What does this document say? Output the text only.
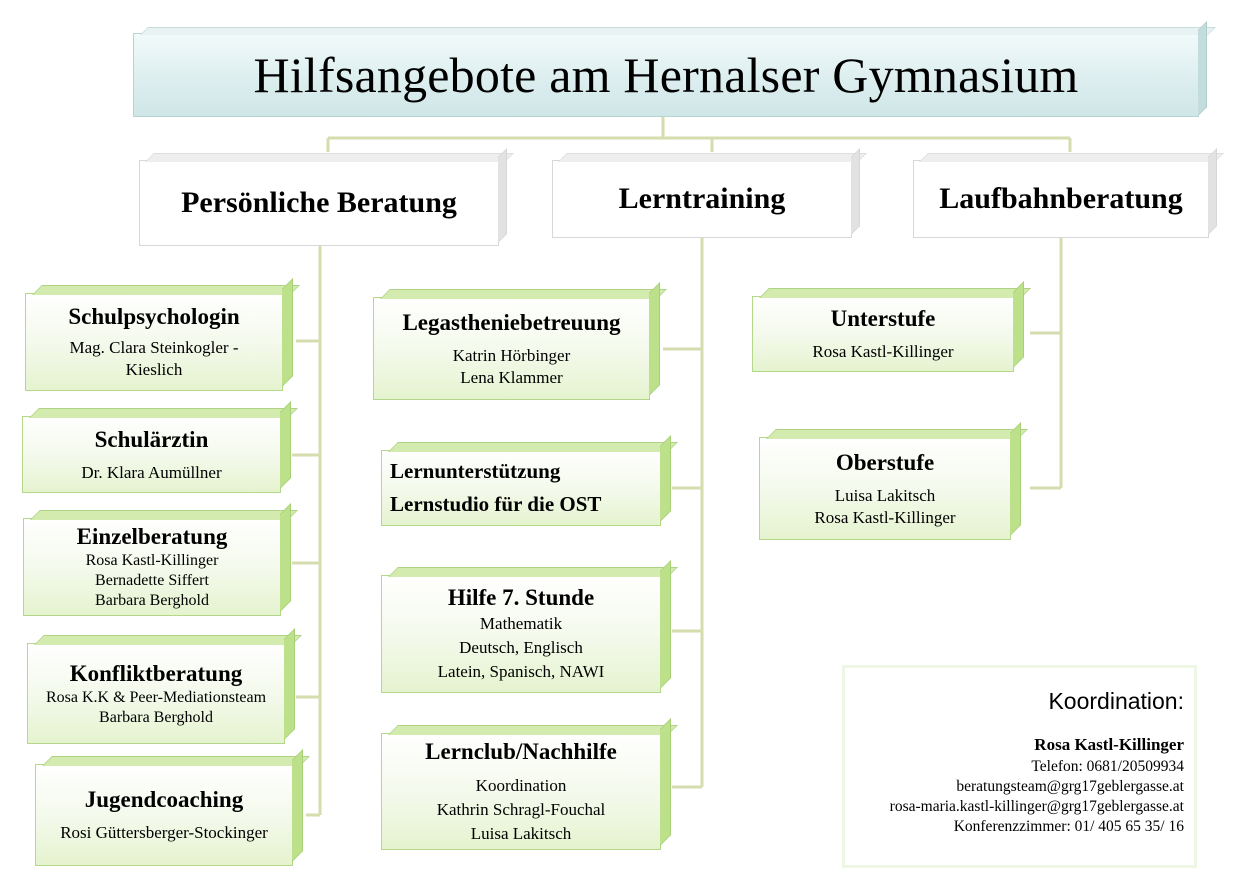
Hilfsangebote am Hernalser Gymnasium
Persönliche Beratung	Lerntraining	Laufbahnberatung
Schulpsychologin
Mag. Clara Steinkogler -
Kieslich
Schulärztin
Dr. Klara Aumüllner
Einzelberatung
Rosa Kastl-Killinger
Bernadette Siffert
Barbara Berghold
Konfliktberatung
Rosa K.K & Peer-Mediationsteam
Barbara Berghold
Jugendcoaching
Rosi Güttersberger-Stockinger
Legastheniebetreuung
Katrin Hörbinger
Lena Klammer
Lernunterstützung
Lernstudio für die OST
Hilfe 7. Stunde
Mathematik
Deutsch, Englisch
Latein, Spanisch, NAWI
Lernclub/Nachhilfe
Koordination
Kathrin Schragl-Fouchal
Luisa Lakitsch
Unterstufe
Rosa Kastl-Killinger
Oberstufe
Luisa Lakitsch
Rosa Kastl-Killinger
Koordination:
Rosa Kastl-Killinger
Telefon: 0681/20509934
beratungsteam@grg17geblergasse.at
rosa-maria.kastl-killinger@grg17geblergasse.at
Konferenzzimmer: 01/ 405 65 35/ 16
